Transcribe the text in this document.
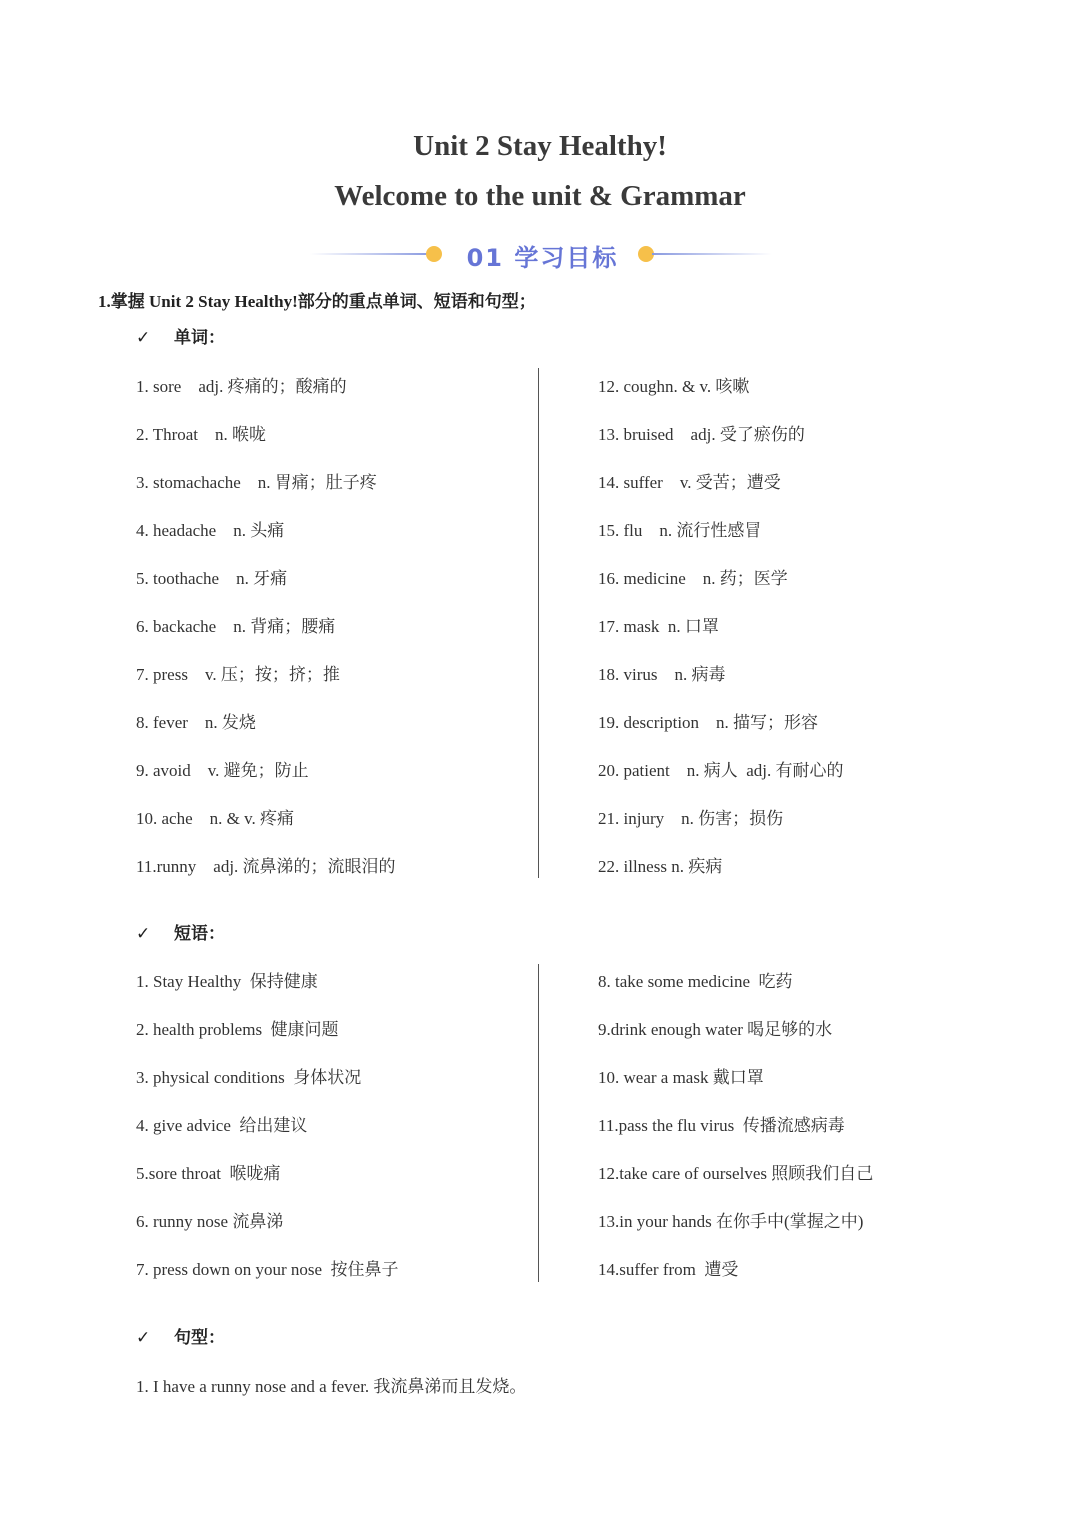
Unit 2 Stay Healthy!
Welcome to the unit & Grammar
01 学习目标

1.掌握 Unit 2 Stay Healthy!部分的重点单词、短语和句型；

✓ 单词：
1. sore    adj. 疼痛的；酸痛的
2. Throat    n. 喉咙
3. stomachache    n. 胃痛；肚子疼
4. headache    n. 头痛
5. toothache    n. 牙痛
6. backache    n. 背痛；腰痛
7. press    v. 压；按；挤；推
8. fever    n. 发烧
9. avoid    v. 避免；防止
10. ache    n. & v. 疼痛
11.runny    adj. 流鼻涕的；流眼泪的
12. coughn. & v. 咳嗽
13. bruised    adj. 受了瘀伤的
14. suffer    v. 受苦；遭受
15. flu    n. 流行性感冒
16. medicine    n. 药；医学
17. mask  n. 口罩
18. virus    n. 病毒
19. description    n. 描写；形容
20. patient    n. 病人  adj. 有耐心的
21. injury    n. 伤害；损伤
22. illness n. 疾病
✓ 短语：
1. Stay Healthy  保持健康
2. health problems  健康问题
3. physical conditions  身体状况
4. give advice  给出建议
5.sore throat  喉咙痛
6. runny nose 流鼻涕
7. press down on your nose  按住鼻子
8. take some medicine  吃药
9.drink enough water 喝足够的水
10. wear a mask 戴口罩
11.pass the flu virus  传播流感病毒
12.take care of ourselves 照顾我们自己
13.in your hands 在你手中(掌握之中)
14.suffer from  遭受
✓ 句型：
1. I have a runny nose and a fever. 我流鼻涕而且发烧。
